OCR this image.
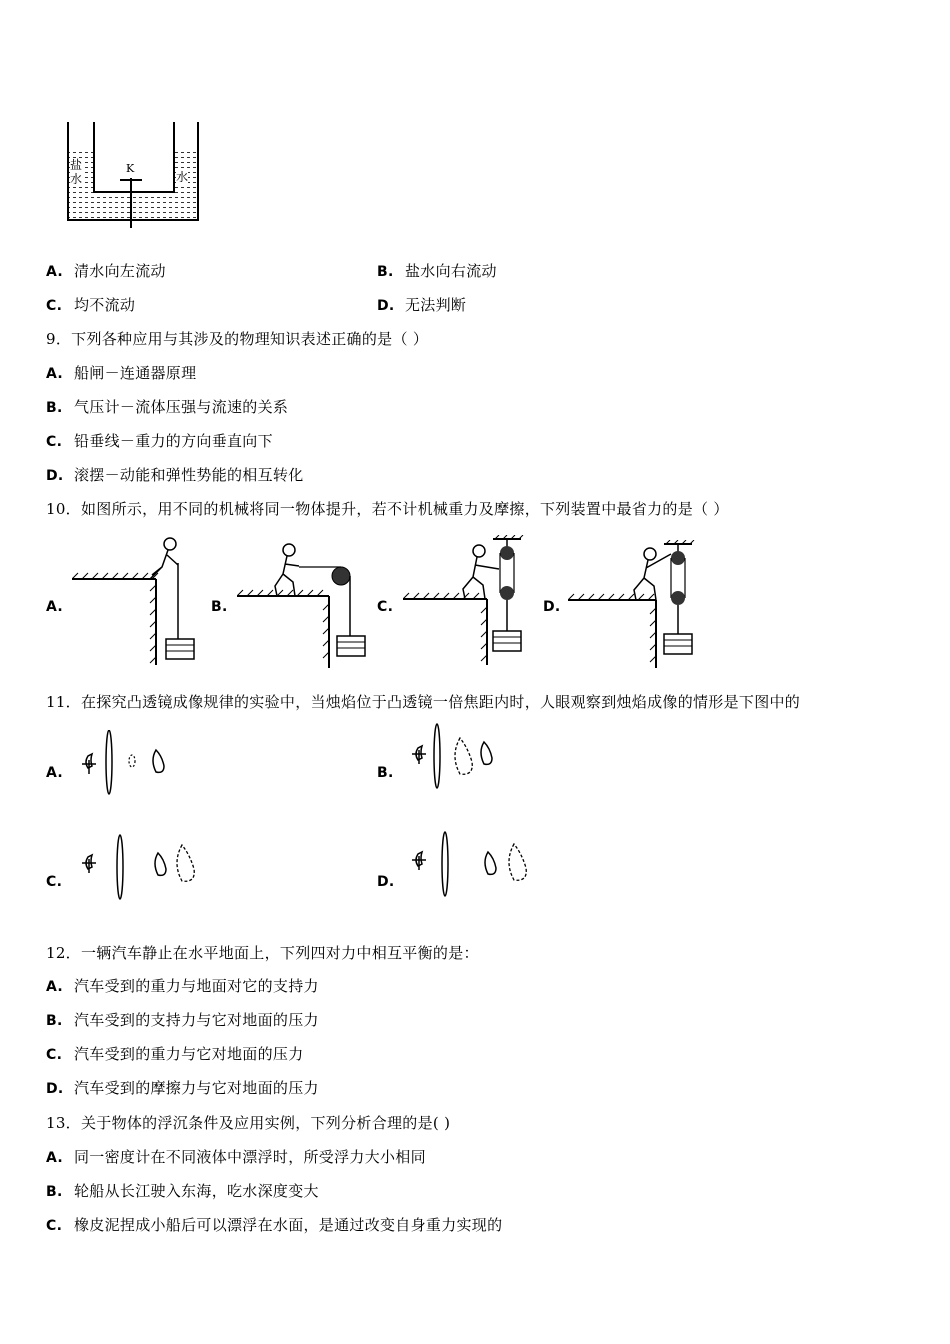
盐水	水
K
A. 清水向左流动	B. 盐水向右流动
C. 均不流动	D. 无法判断
9．下列各种应用与其涉及的物理知识表述正确的是（ ）
A. 船闸－连通器原理
B. 气压计－流体压强与流速的关系
C. 铅垂线－重力的方向垂直向下
D. 滚摆－动能和弹性势能的相互转化
10．如图所示，用不同的机械将同一物体提升，若不计机械重力及摩擦，下列装置中最省力的是（ ）
A.	B.	C.	D.
11．在探究凸透镜成像规律的实验中，当烛焰位于凸透镜一倍焦距内时，人眼观察到烛焰成像的情形是下图中的
A.	B.
C.	D.
12．一辆汽车静止在水平地面上，下列四对力中相互平衡的是：
A. 汽车受到的重力与地面对它的支持力
B. 汽车受到的支持力与它对地面的压力
C. 汽车受到的重力与它对地面的压力
D. 汽车受到的摩擦力与它对地面的压力
13．关于物体的浮沉条件及应用实例，下列分析合理的是( )
A. 同一密度计在不同液体中漂浮时，所受浮力大小相同
B. 轮船从长江驶入东海，吃水深度变大
C. 橡皮泥捏成小船后可以漂浮在水面，是通过改变自身重力实现的
